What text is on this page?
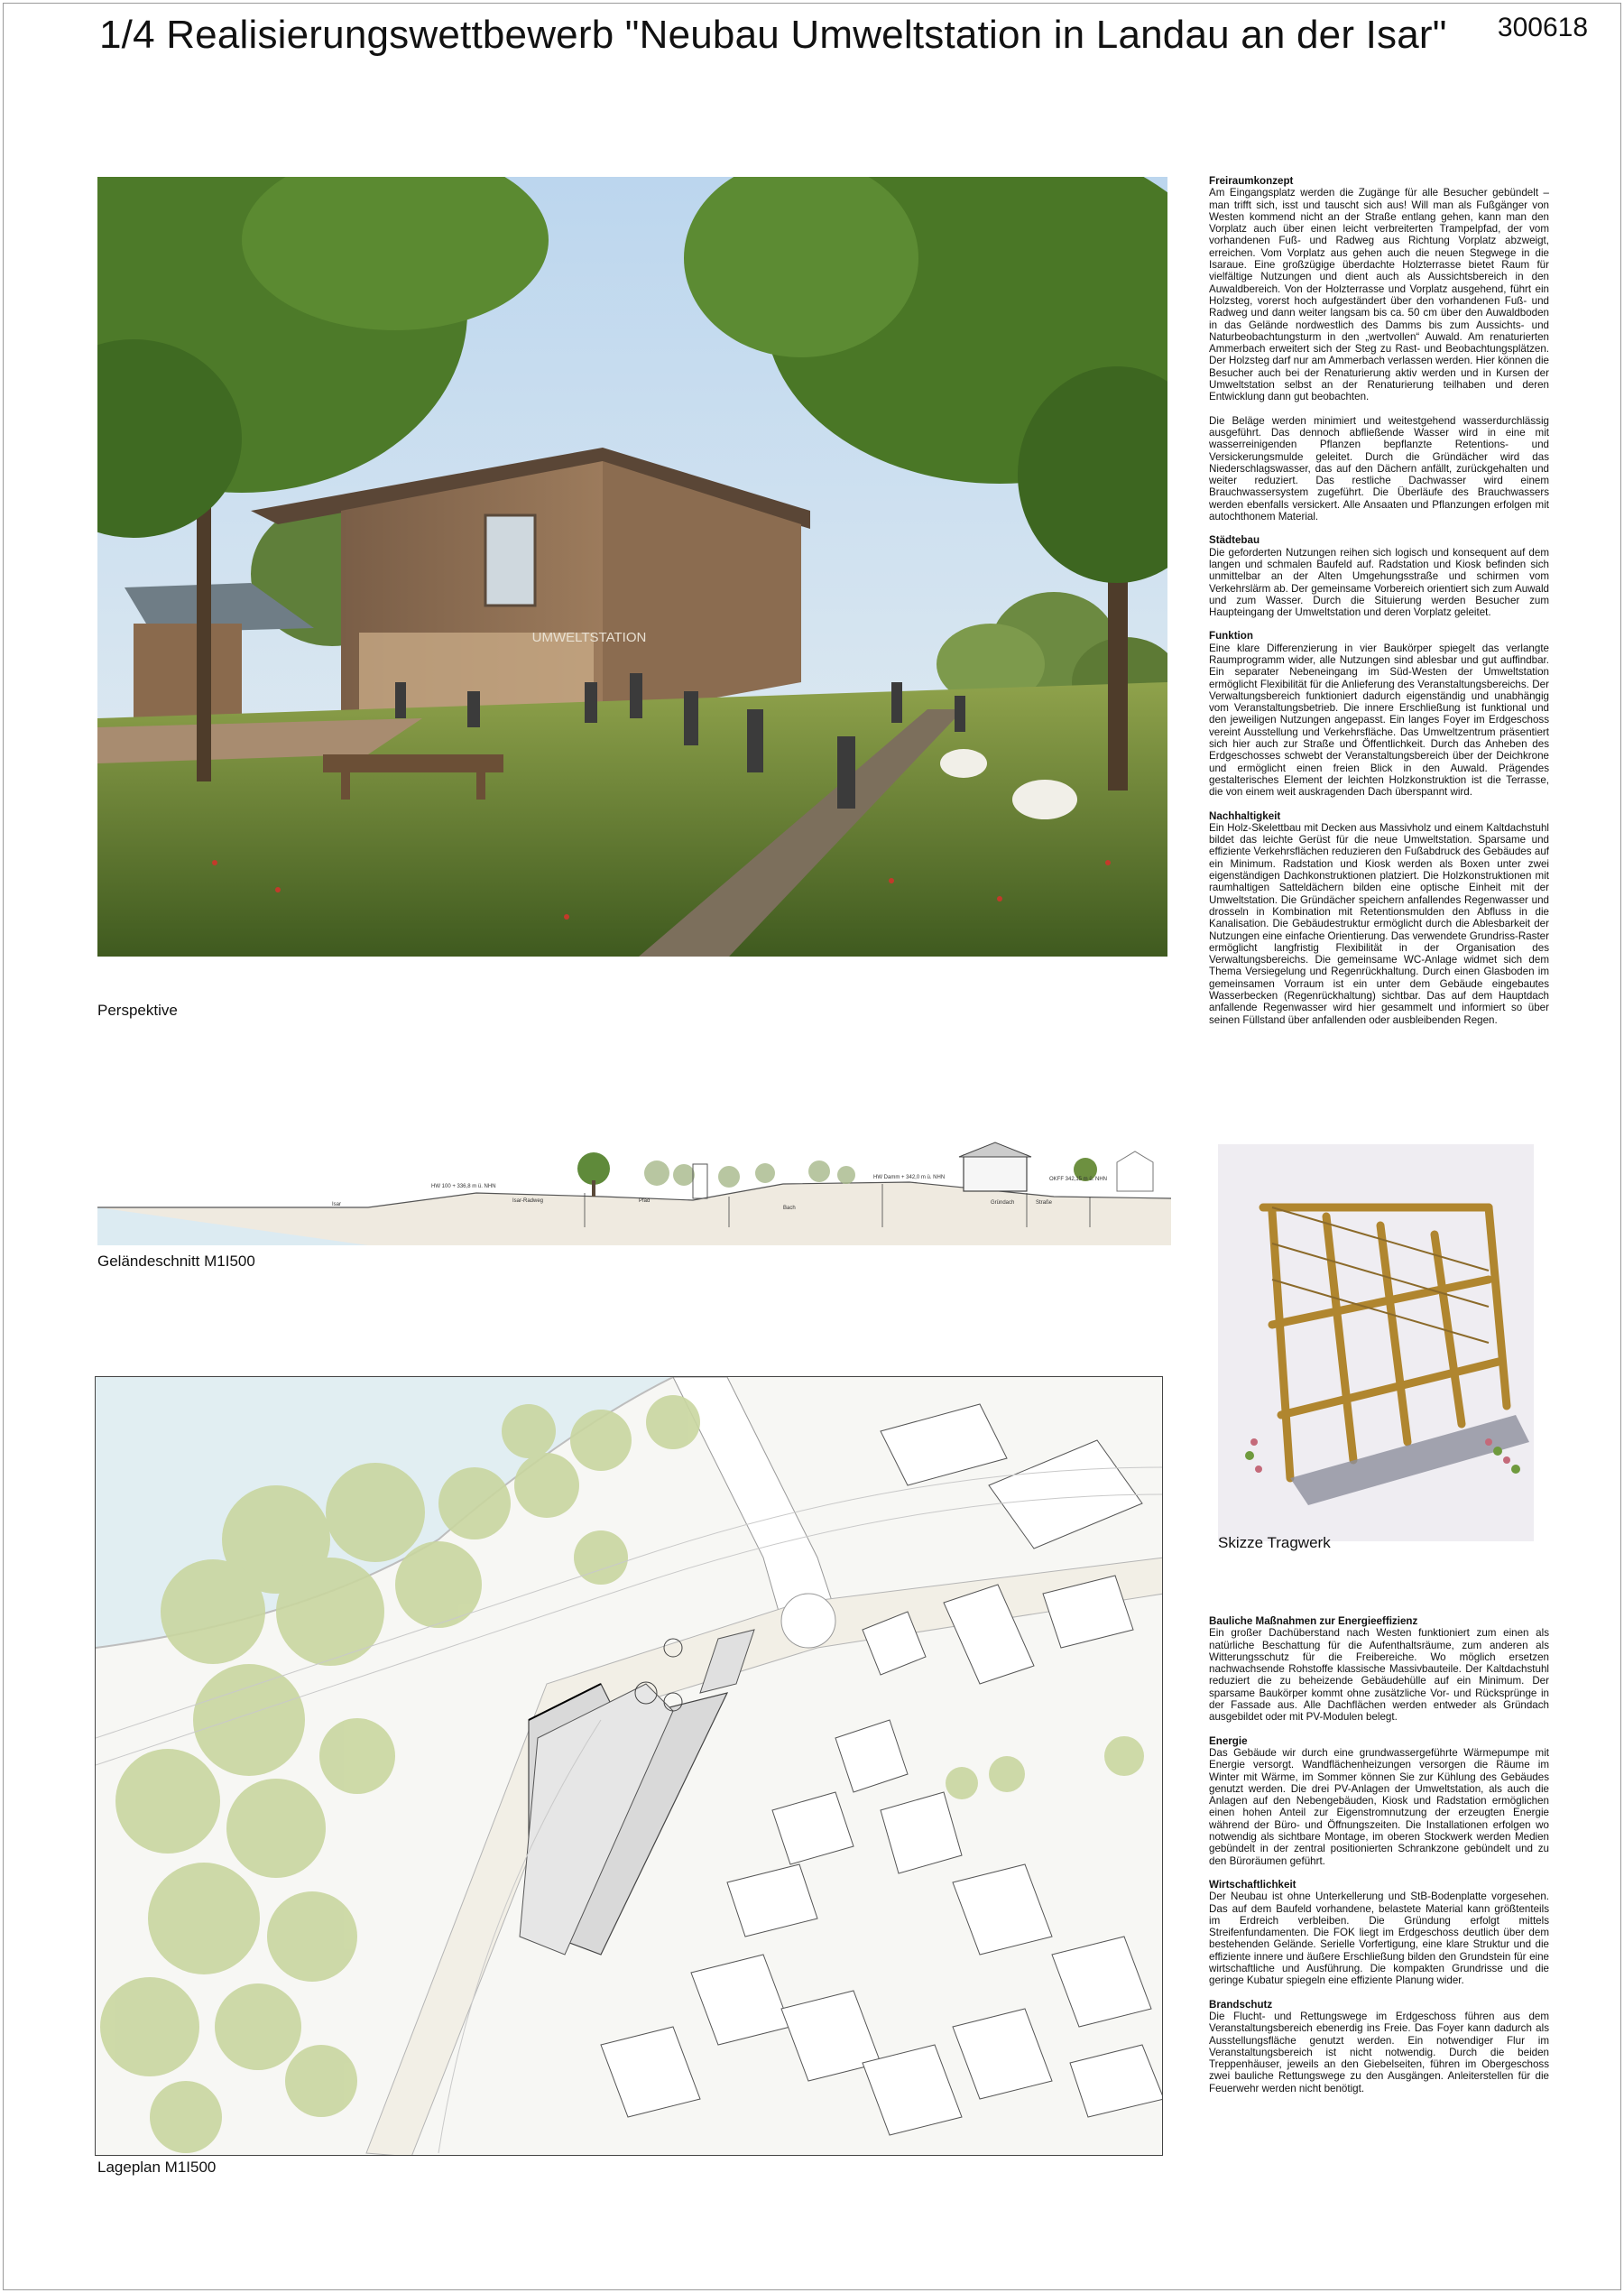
1/4 Realisierungswettbewerb "Neubau Umweltstation in Landau an der Isar" 300618
UMWELTSTATION
Perspektive
Freiraumkonzept

Am Eingangsplatz werden die Zugänge für alle Besucher gebündelt – man trifft sich, isst und tauscht sich aus! Will man als Fußgänger von Westen kommend nicht an der Straße entlang gehen, kann man den Vorplatz auch über einen leicht verbreiterten Trampelpfad, der vom vorhandenen Fuß- und Radweg aus Richtung Vorplatz abzweigt, erreichen. Vom Vorplatz aus gehen auch die neuen Stegwege in die Isaraue. Eine großzügige überdachte Holzterrasse bietet Raum für vielfältige Nutzungen und dient auch als Aussichtsbereich in den Auwaldbereich. Von der Holzterrasse und Vorplatz ausgehend, führt ein Holzsteg, vorerst hoch aufgeständert über den vorhandenen Fuß- und Radweg und dann weiter langsam bis ca. 50 cm über den Auwaldboden in das Gelände nordwestlich des Damms bis zum Aussichts- und Naturbeobachtungsturm in den „wertvollen“ Auwald. Am renaturierten Ammerbach erweitert sich der Steg zu Rast- und Beobachtungsplätzen. Der Holzsteg darf nur am Ammerbach verlassen werden. Hier können die Besucher auch bei der Renaturierung aktiv werden und in Kursen der Umweltstation selbst an der Renaturierung teilhaben und deren Entwicklung dann gut beobachten.

Die Beläge werden minimiert und weitestgehend wasserdurchlässig ausgeführt. Das dennoch abfließende Wasser wird in eine mit wasserreinigenden Pflanzen bepflanzte Retentions- und Versickerungsmulde geleitet. Durch die Gründächer wird das Niederschlagswasser, das auf den Dächern anfällt, zurückgehalten und weiter reduziert. Das restliche Dachwasser wird einem Brauchwassersystem zugeführt. Die Überläufe des Brauchwassers werden ebenfalls versickert. Alle Ansaaten und Pflanzungen erfolgen mit autochthonem Material.

Städtebau

Die geforderten Nutzungen reihen sich logisch und konsequent auf dem langen und schmalen Baufeld auf. Radstation und Kiosk befinden sich unmittelbar an der Alten Umgehungsstraße und schirmen vom Verkehrslärm ab. Der gemeinsame Vorbereich orientiert sich zum Auwald und zum Wasser. Durch die Situierung werden Besucher zum Haupteingang der Umweltstation und deren Vorplatz geleitet.

Funktion

Eine klare Differenzierung in vier Baukörper spiegelt das verlangte Raumprogramm wider, alle Nutzungen sind ablesbar und gut auffindbar. Ein separater Nebeneingang im Süd-Westen der Umweltstation ermöglicht Flexibilität für die Anlieferung des Veranstaltungsbereichs. Der Verwaltungsbereich funktioniert dadurch eigenständig und unabhängig vom Veranstaltungsbetrieb. Die innere Erschließung ist funktional und den jeweiligen Nutzungen angepasst. Ein langes Foyer im Erdgeschoss vereint Ausstellung und Verkehrsfläche. Das Umweltzentrum präsentiert sich hier auch zur Straße und Öffentlichkeit. Durch das Anheben des Erdgeschosses schwebt der Veranstaltungsbereich über der Deichkrone und ermöglicht einen freien Blick in den Auwald. Prägendes gestalterisches Element der leichten Holzkonstruktion ist die Terrasse, die von einem weit auskragenden Dach überspannt wird.

Nachhaltigkeit

Ein Holz-Skelettbau mit Decken aus Massivholz und einem Kaltdachstuhl bildet das leichte Gerüst für die neue Umweltstation. Sparsame und effiziente Verkehrsflächen reduzieren den Fußabdruck des Gebäudes auf ein Minimum. Radstation und Kiosk werden als Boxen unter zwei eigenständigen Dachkonstruktionen platziert. Die Holzkonstruktionen mit raumhaltigen Satteldächern bilden eine optische Einheit mit der Umweltstation. Die Gründächer speichern anfallendes Regenwasser und drosseln in Kombination mit Retentionsmulden den Abfluss in die Kanalisation. Die Gebäudestruktur ermöglicht durch die Ablesbarkeit der Nutzungen eine einfache Orientierung. Das verwendete Grundriss-Raster ermöglicht langfristig Flexibilität in der Organisation des Verwaltungsbereichs. Die gemeinsame WC-Anlage widmet sich dem Thema Versiegelung und Regenrückhaltung. Durch einen Glasboden im gemeinsamen Vorraum ist ein unter dem Gebäude eingebautes Wasserbecken (Regenrückhaltung) sichtbar. Das auf dem Hauptdach anfallende Regenwasser wird hier gesammelt und informiert so über seinen Füllstand über anfallenden oder ausbleibenden Regen.

Isar
HW 100 + 336,8 m ü. NHN
Isar-Radweg	Pfad
Bach
HW Damm + 342,0 m ü. NHN
Gründach	Straße
OKFF 342,15 m ü. NHN
Geländeschnitt M1I500
Skizze Tragwerk
Lageplan M1I500
Bauliche Maßnahmen zur Energieeffizienz

Ein großer Dachüberstand nach Westen funktioniert zum einen als natürliche Beschattung für die Aufenthaltsräume, zum anderen als Witterungsschutz für die Freibereiche. Wo möglich ersetzen nachwachsende Rohstoffe klassische Massivbauteile. Der Kaltdachstuhl reduziert die zu beheizende Gebäudehülle auf ein Minimum. Der sparsame Baukörper kommt ohne zusätzliche Vor- und Rücksprünge in der Fassade aus. Alle Dachflächen werden entweder als Gründach ausgebildet oder mit PV-Modulen belegt.

Energie

Das Gebäude wir durch eine grundwassergeführte Wärmepumpe mit Energie versorgt. Wandflächenheizungen versorgen die Räume im Winter mit Wärme, im Sommer können Sie zur Kühlung des Gebäudes genutzt werden. Die drei PV-Anlagen der Umweltstation, als auch die Anlagen auf den Nebengebäuden, Kiosk und Radstation ermöglichen einen hohen Anteil zur Eigenstromnutzung der erzeugten Energie während der Büro- und Öffnungszeiten. Die Installationen erfolgen wo notwendig als sichtbare Montage, im oberen Stockwerk werden Medien gebündelt in der zentral positionierten Schrankzone gebündelt und zu den Büroräumen geführt.

Wirtschaftlichkeit

Der Neubau ist ohne Unterkellerung und StB-Bodenplatte vorgesehen. Das auf dem Baufeld vorhandene, belastete Material kann größtenteils im Erdreich verbleiben. Die Gründung erfolgt mittels Streifenfundamenten. Die FOK liegt im Erdgeschoss deutlich über dem bestehenden Gelände. Serielle Vorfertigung, eine klare Struktur und die effiziente innere und äußere Erschließung bilden den Grundstein für eine wirtschaftliche und Ausführung. Die kompakten Grundrisse und die geringe Kubatur spiegeln eine effiziente Planung wider.

Brandschutz

Die Flucht- und Rettungswege im Erdgeschoss führen aus dem Veranstaltungsbereich ebenerdig ins Freie. Das Foyer kann dadurch als Ausstellungsfläche genutzt werden. Ein notwendiger Flur im Veranstaltungsbereich ist nicht notwendig. Durch die beiden Treppenhäuser, jeweils an den Giebelseiten, führen im Obergeschoss zwei bauliche Rettungswege zu den Ausgängen. Anleiterstellen für die Feuerwehr werden nicht benötigt.
